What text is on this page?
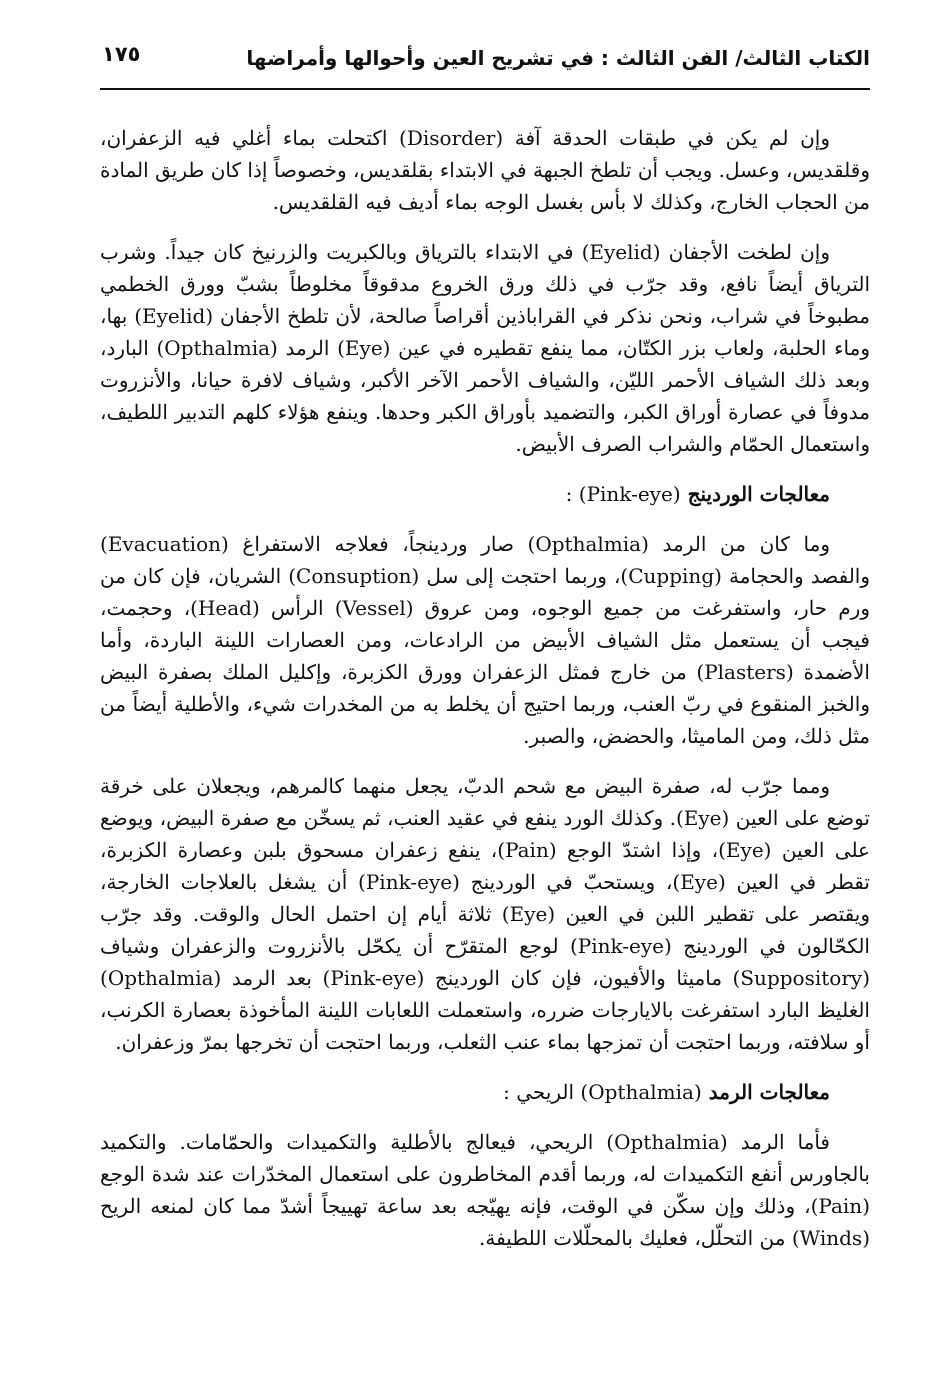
الكتاب الثالث/ الفن الثالث : في تشريح العين وأحوالها وأمراضها
١٧٥

وإن لم يكن في طبقات الحدقة آفة (Disorder) اكتحلت بماء أغلي فيه الزعفران، وقلقديس، وعسل. ويجب أن تلطخ الجبهة في الابتداء بقلقديس، وخصوصاً إذا كان طريق المادة من الحجاب الخارج، وكذلك لا بأس بغسل الوجه بماء أديف فيه القلقديس.

وإن لطخت الأجفان (Eyelid) في الابتداء بالترياق وبالكبريت والزرنيخ كان جيداً. وشرب الترياق أيضاً نافع، وقد جرّب في ذلك ورق الخروع مدقوقاً مخلوطاً بشبّ وورق الخطمي مطبوخاً في شراب، ونحن نذكر في القراباذين أقراصاً صالحة، لأن تلطخ الأجفان (Eyelid) بها، وماء الحلبة، ولعاب بزر الكتّان، مما ينفع تقطيره في عين (Eye) الرمد (Opthalmia) البارد، وبعد ذلك الشياف الأحمر الليّن، والشياف الأحمر الآخر الأكبر، وشياف لافرة حيانا، والأنزروت مدوفاً في عصارة أوراق الكبر، والتضميد بأوراق الكبر وحدها. وينفع هؤلاء كلهم التدبير اللطيف، واستعمال الحمّام والشراب الصرف الأبيض.

معالجات الوردينج (Pink-eye) :

وما كان من الرمد (Opthalmia) صار وردينجاً، فعلاجه الاستفراغ (Evacuation) والفصد والحجامة (Cupping)، وربما احتجت إلى سل (Consuption) الشريان، فإن كان من ورم حار، واستفرغت من جميع الوجوه، ومن عروق (Vessel) الرأس (Head)، وحجمت، فيجب أن يستعمل مثل الشياف الأبيض من الرادعات، ومن العصارات اللينة الباردة، وأما الأضمدة (Plasters) من خارج فمثل الزعفران وورق الكزبرة، وإكليل الملك بصفرة البيض والخبز المنقوع في ربّ العنب، وربما احتيج أن يخلط به من المخدرات شيء، والأطلية أيضاً من مثل ذلك، ومن الماميثا، والحضض، والصبر.

ومما جرّب له، صفرة البيض مع شحم الدبّ، يجعل منهما كالمرهم، ويجعلان على خرقة توضع على العين (Eye). وكذلك الورد ينفع في عقيد العنب، ثم يسخّن مع صفرة البيض، ويوضع على العين (Eye)، وإذا اشتدّ الوجع (Pain)، ينفع زعفران مسحوق بلبن وعصارة الكزبرة، تقطر في العين (Eye)، ويستحبّ في الوردينج (Pink-eye) أن يشغل بالعلاجات الخارجة، ويقتصر على تقطير اللبن في العين (Eye) ثلاثة أيام إن احتمل الحال والوقت. وقد جرّب الكحّالون في الوردينج (Pink-eye) لوجع المتقرّح أن يكحّل بالأنزروت والزعفران وشياف (Suppository) ماميثا والأفيون، فإن كان الوردينج (Pink-eye) بعد الرمد (Opthalmia) الغليظ البارد استفرغت بالايارجات ضرره، واستعملت اللعابات اللينة المأخوذة بعصارة الكرنب، أو سلافته، وربما احتجت أن تمزجها بماء عنب الثعلب، وربما احتجت أن تخرجها بمرّ وزعفران.

معالجات الرمد (Opthalmia) الريحي :

فأما الرمد (Opthalmia) الريحي، فيعالج بالأطلية والتكميدات والحمّامات. والتكميد بالجاورس أنفع التكميدات له، وربما أقدم المخاطرون على استعمال المخدّرات عند شدة الوجع (Pain)، وذلك وإن سكّن في الوقت، فإنه يهيّجه بعد ساعة تهييجاً أشدّ مما كان لمنعه الريح (Winds) من التحلّل، فعليك بالمحلّلات اللطيفة.
